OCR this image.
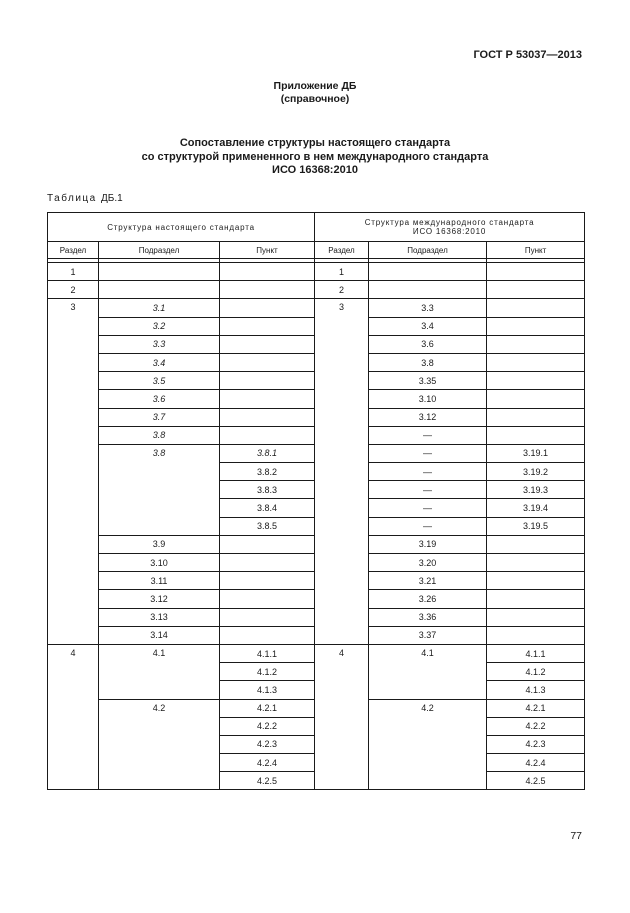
ГОСТ Р 53037—2013
Приложение ДБ
(справочное)
Сопоставление структуры настоящего стандарта
со структурой примененного в нем международного стандарта
ИСО 16368:2010
Таблица ДБ.1
Структура настоящего стандарта			Структура международного стандарта
ИСО 16368:2010		

Раздел	Подраздел	Пункт	Раздел	Подраздел	Пункт

1			1		
2			2		
3	3.1		3	3.3	
	3.2			3.4	
	3.3			3.6	
	3.4			3.8	
	3.5			3.35	
	3.6			3.10	
	3.7			3.12	
	3.8			—	
	3.8	3.8.1		—	3.19.1
		3.8.2		—	3.19.2
		3.8.3		—	3.19.3
		3.8.4		—	3.19.4
		3.8.5		—	3.19.5
	3.9			3.19	
	3.10			3.20	
	3.11			3.21	
	3.12			3.26	
	3.13			3.36	
	3.14			3.37	
4	4.1	4.1.1	4	4.1	4.1.1
		4.1.2			4.1.2
		4.1.3			4.1.3
	4.2	4.2.1		4.2	4.2.1
		4.2.2			4.2.2
		4.2.3			4.2.3
		4.2.4			4.2.4
		4.2.5			4.2.5
77
